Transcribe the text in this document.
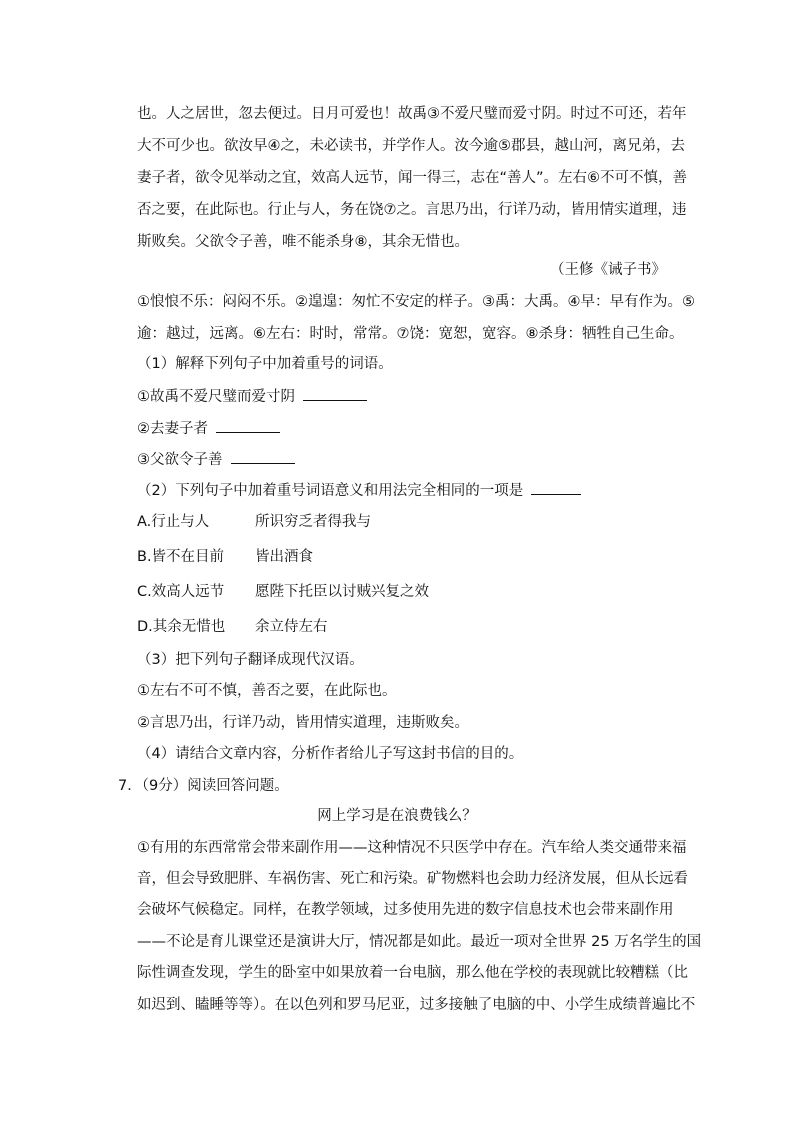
也。人之居世，忽去便过。日月可爱也！故禹③不爱尺璧而爱寸阴。时过不可还，若年
大不可少也。欲汝早④之，未必读书，并学作人。汝今逾⑤郡县，越山河，离兄弟，去
妻子者，欲令见举动之宜，效高人远节，闻一得三，志在“善人”。左右⑥不可不慎，善
否之要，在此际也。行止与人，务在饶⑦之。言思乃出，行详乃动，皆用情实道理，违
斯败矣。父欲令子善，唯不能杀身⑧，其余无惜也。
（王修《诫子书》
①悢悢不乐：闷闷不乐。②遑遑：匆忙不安定的样子。③禹：大禹。④早：早有作为。⑤
逾：越过，远离。⑥左右：时时，常常。⑦饶：宽恕，宽容。⑧杀身：牺牲自己生命。
（1）解释下列句子中加着重号的词语。
①故禹不爱尺璧而爱寸阴
②去妻子者
③父欲令子善
（2）下列句子中加着重号词语意义和用法完全相同的一项是
A.行止与人	所识穷乏者得我与
B.皆不在目前 皆出酒食
C.效高人远节 愿陛下托臣以讨贼兴复之效
D.其余无惜也 余立侍左右
（3）把下列句子翻译成现代汉语。
①左右不可不慎，善否之要，在此际也。
②言思乃出，行详乃动，皆用情实道理，违斯败矣。
（4）请结合文章内容，分析作者给儿子写这封书信的目的。
7．（9分）阅读回答问题。
网上学习是在浪费钱么？
①有用的东西常常会带来副作用——这种情况不只医学中存在。汽车给人类交通带来福
音，但会导致肥胖、车祸伤害、死亡和污染。矿物燃料也会助力经济发展，但从长远看
会破坏气候稳定。同样，在教学领域，过多使用先进的数字信息技术也会带来副作用
——不论是育儿课堂还是演讲大厅，情况都是如此。最近一项对全世界 25 万名学生的国
际性调查发现，学生的卧室中如果放着一台电脑，那么他在学校的表现就比较糟糕（比
如迟到、瞌睡等等）。在以色列和罗马尼亚，过多接触了电脑的中、小学生成绩普遍比不
